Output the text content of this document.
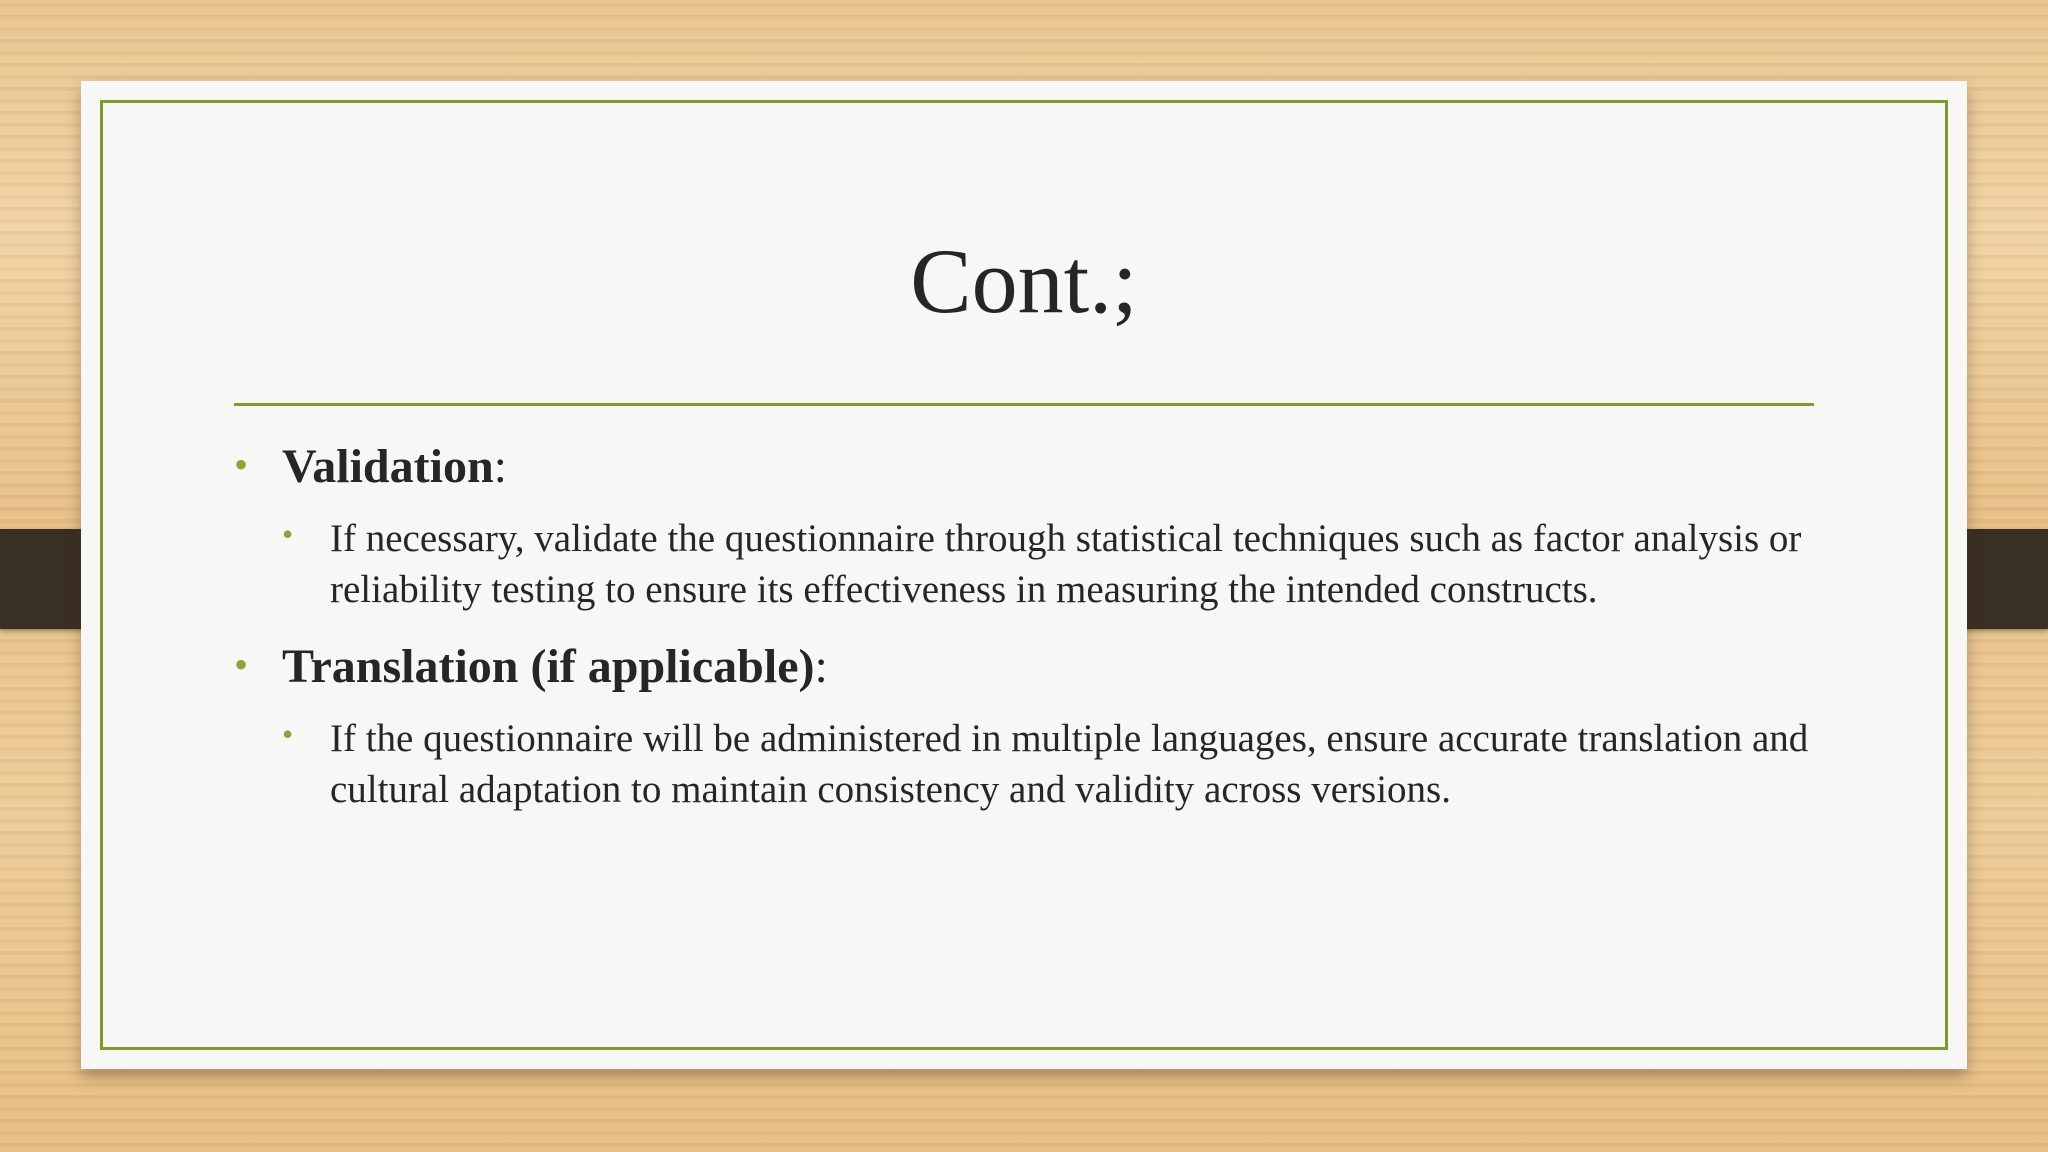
Cont.;
• Validation:
• If necessary, validate the questionnaire through statistical techniques such as factor analysis or reliability testing to ensure its effectiveness in measuring the intended constructs.
• Translation (if applicable):
• If the questionnaire will be administered in multiple languages, ensure accurate translation and cultural adaptation to maintain consistency and validity across versions.
